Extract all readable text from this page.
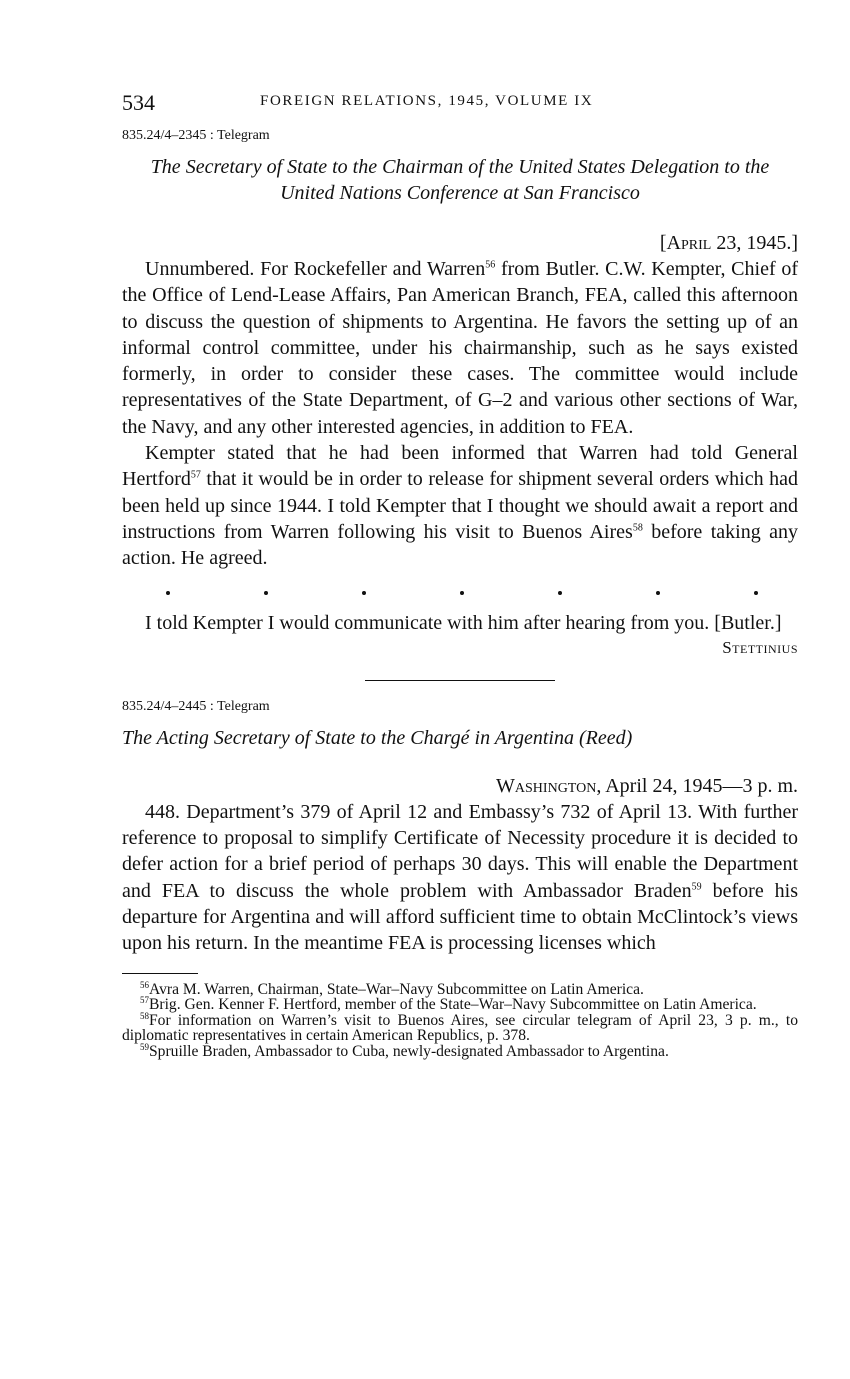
534	FOREIGN RELATIONS, 1945, VOLUME IX
835.24/4–2345 : Telegram

The Secretary of State to the Chairman of the United States Delegation to the United Nations Conference at San Francisco

[April 23, 1945.]

Unnumbered. For Rockefeller and Warren$^{56}$ from Butler. C.W. Kempter, Chief of the Office of Lend-Lease Affairs, Pan American Branch, FEA, called this afternoon to discuss the question of shipments to Argentina. He favors the setting up of an informal control committee, under his chairmanship, such as he says existed formerly, in order to consider these cases. The committee would include representatives of the State Department, of G–2 and various other sections of War, the Navy, and any other interested agencies, in addition to FEA.

Kempter stated that he had been informed that Warren had told General Hertford$^{57}$ that it would be in order to release for shipment several orders which had been held up since 1944. I told Kempter that I thought we should await a report and instructions from Warren following his visit to Buenos Aires$^{58}$ before taking any action. He agreed.

I told Kempter I would communicate with him after hearing from you. [Butler.]

Stettinius
835.24/4–2445 : Telegram

The Acting Secretary of State to the Chargé in Argentina (Reed)

Washington, April 24, 1945—3 p. m.

448. Department’s 379 of April 12 and Embassy’s 732 of April 13. With further reference to proposal to simplify Certificate of Necessity procedure it is decided to defer action for a brief period of perhaps 30 days. This will enable the Department and FEA to discuss the whole problem with Ambassador Braden$^{59}$ before his departure for Argentina and will afford sufficient time to obtain McClintock’s views upon his return. In the meantime FEA is processing licenses which

$^{56}$Avra M. Warren, Chairman, State–War–Navy Subcommittee on Latin America.

$^{57}$Brig. Gen. Kenner F. Hertford, member of the State–War–Navy Subcommittee on Latin America.

$^{58}$For information on Warren’s visit to Buenos Aires, see circular telegram of April 23, 3 p. m., to diplomatic representatives in certain American Republics, p. 378.

$^{59}$Spruille Braden, Ambassador to Cuba, newly-designated Ambassador to Argentina.
